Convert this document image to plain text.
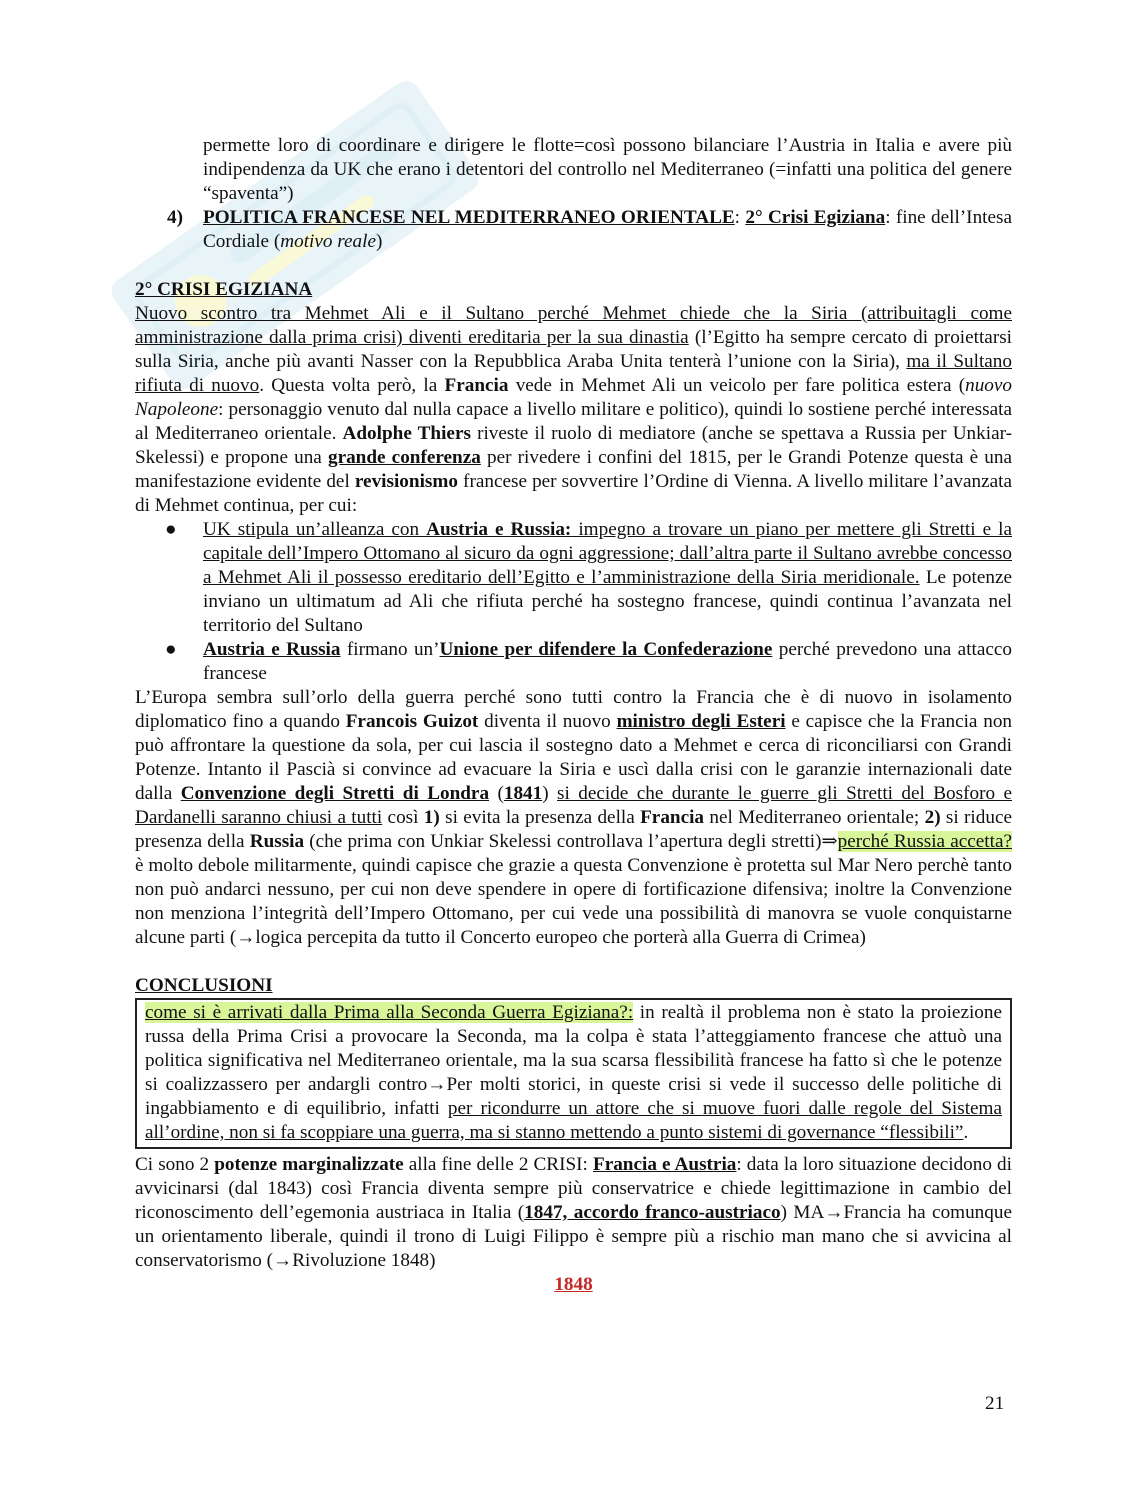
permette loro di coordinare e dirigere le flotte=così possono bilanciare l’Austria in Italia e avere più indipendenza da UK che erano i detentori del controllo nel Mediterraneo (=infatti una politica del genere “spaventa”)

4) POLITICA FRANCESE NEL MEDITERRANEO ORIENTALE: 2° Crisi Egiziana: fine dell’Intesa Cordiale (motivo reale)

2° CRISI EGIZIANA

Nuovo scontro tra Mehmet Ali e il Sultano perché Mehmet chiede che la Siria (attribuitagli come amministrazione dalla prima crisi) diventi ereditaria per la sua dinastia (l’Egitto ha sempre cercato di proiettarsi sulla Siria, anche più avanti Nasser con la Repubblica Araba Unita tenterà l’unione con la Siria), ma il Sultano rifiuta di nuovo. Questa volta però, la Francia vede in Mehmet Ali un veicolo per fare politica estera (nuovo Napoleone: personaggio venuto dal nulla capace a livello militare e politico), quindi lo sostiene perché interessata al Mediterraneo orientale. Adolphe Thiers riveste il ruolo di mediatore (anche se spettava a Russia per Unkiar-Skelessi) e propone una grande conferenza per rivedere i confini del 1815, per le Grandi Potenze questa è una manifestazione evidente del revisionismo francese per sovvertire l’Ordine di Vienna. A livello militare l’avanzata di Mehmet continua, per cui:

● UK stipula un’alleanza con Austria e Russia: impegno a trovare un piano per mettere gli Stretti e la capitale dell’Impero Ottomano al sicuro da ogni aggressione; dall’altra parte il Sultano avrebbe concesso a Mehmet Ali il possesso ereditario dell’Egitto e l’amministrazione della Siria meridionale. Le potenze inviano un ultimatum ad Ali che rifiuta perché ha sostegno francese, quindi continua l’avanzata nel territorio del Sultano
● Austria e Russia firmano un’Unione per difendere la Confederazione perché prevedono una attacco francese

L’Europa sembra sull’orlo della guerra perché sono tutti contro la Francia che è di nuovo in isolamento diplomatico fino a quando Francois Guizot diventa il nuovo ministro degli Esteri e capisce che la Francia non può affrontare la questione da sola, per cui lascia il sostegno dato a Mehmet e cerca di riconciliarsi con Grandi Potenze. Intanto il Pascià si convince ad evacuare la Siria e uscì dalla crisi con le garanzie internazionali date dalla Convenzione degli Stretti di Londra (1841) si decide che durante le guerre gli Stretti del Bosforo e Dardanelli saranno chiusi a tutti così 1) si evita la presenza della Francia nel Mediterraneo orientale; 2) si riduce presenza della Russia (che prima con Unkiar Skelessi controllava l’apertura degli stretti)⇒perché Russia accetta? è molto debole militarmente, quindi capisce che grazie a questa Convenzione è protetta sul Mar Nero perchè tanto non può andarci nessuno, per cui non deve spendere in opere di fortificazione difensiva; inoltre la Convenzione non menziona l’integrità dell’Impero Ottomano, per cui vede una possibilità di manovra se vuole conquistarne alcune parti (→logica percepita da tutto il Concerto europeo che porterà alla Guerra di Crimea)

CONCLUSIONI

come si è arrivati dalla Prima alla Seconda Guerra Egiziana?: in realtà il problema non è stato la proiezione russa della Prima Crisi a provocare la Seconda, ma la colpa è stata l’atteggiamento francese che attuò una politica significativa nel Mediterraneo orientale, ma la sua scarsa flessibilità francese ha fatto sì che le potenze si coalizzassero per andargli contro→Per molti storici, in queste crisi si vede il successo delle politiche di ingabbiamento e di equilibrio, infatti per ricondurre un attore che si muove fuori dalle regole del Sistema all’ordine, non si fa scoppiare una guerra, ma si stanno mettendo a punto sistemi di governance “flessibili”.

Ci sono 2 potenze marginalizzate alla fine delle 2 CRISI: Francia e Austria: data la loro situazione decidono di avvicinarsi (dal 1843) così Francia diventa sempre più conservatrice e chiede legittimazione in cambio del riconoscimento dell’egemonia austriaca in Italia (1847, accordo franco-austriaco) MA→Francia ha comunque un orientamento liberale, quindi il trono di Luigi Filippo è sempre più a rischio man mano che si avvicina al conservatorismo (→Rivoluzione 1848)

1848

21
